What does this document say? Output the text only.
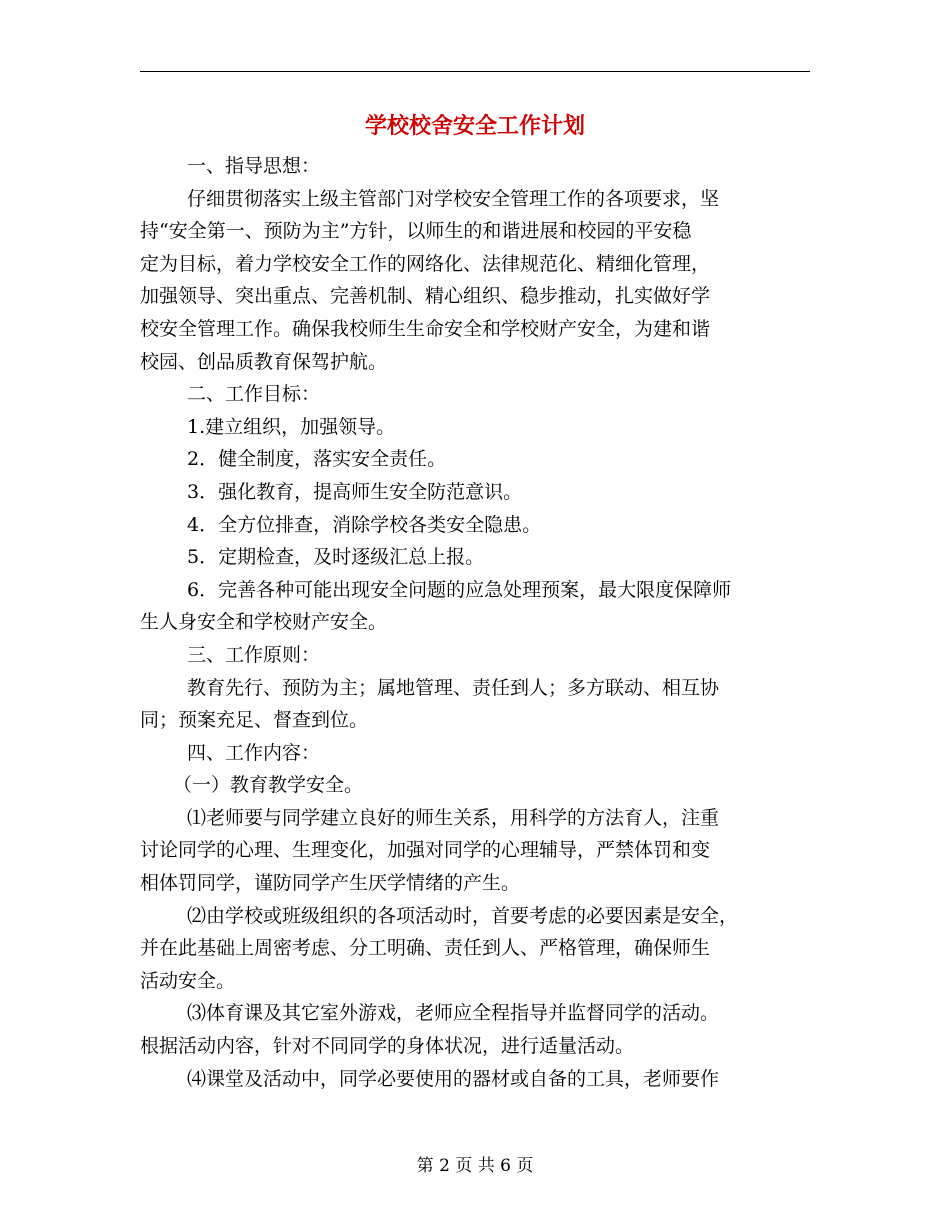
学校校舍安全工作计划

一、指导思想：

仔细贯彻落实上级主管部门对学校安全管理工作的各项要求，坚

持“安全第一、预防为主”方针，以师生的和谐进展和校园的平安稳

定为目标，着力学校安全工作的网络化、法律规范化、精细化管理，

加强领导、突出重点、完善机制、精心组织、稳步推动，扎实做好学

校安全管理工作。确保我校师生生命安全和学校财产安全，为建和谐

校园、创品质教育保驾护航。

二、工作目标：

1.建立组织，加强领导。

2．健全制度，落实安全责任。

3．强化教育，提高师生安全防范意识。

4．全方位排查，消除学校各类安全隐患。

5．定期检查，及时逐级汇总上报。

6．完善各种可能出现安全问题的应急处理预案，最大限度保障师

生人身安全和学校财产安全。

三、工作原则：

教育先行、预防为主；属地管理、责任到人；多方联动、相互协

同；预案充足、督查到位。

四、工作内容：

（一）教育教学安全。

⑴老师要与同学建立良好的师生关系，用科学的方法育人，注重

讨论同学的心理、生理变化，加强对同学的心理辅导，严禁体罚和变

相体罚同学，谨防同学产生厌学情绪的产生。

⑵由学校或班级组织的各项活动时，首要考虑的必要因素是安全，

并在此基础上周密考虑、分工明确、责任到人、严格管理，确保师生

活动安全。

⑶体育课及其它室外游戏，老师应全程指导并监督同学的活动。

根据活动内容，针对不同同学的身体状况，进行适量活动。

⑷课堂及活动中，同学必要使用的器材或自备的工具，老师要作

第 2 页 共 6 页
